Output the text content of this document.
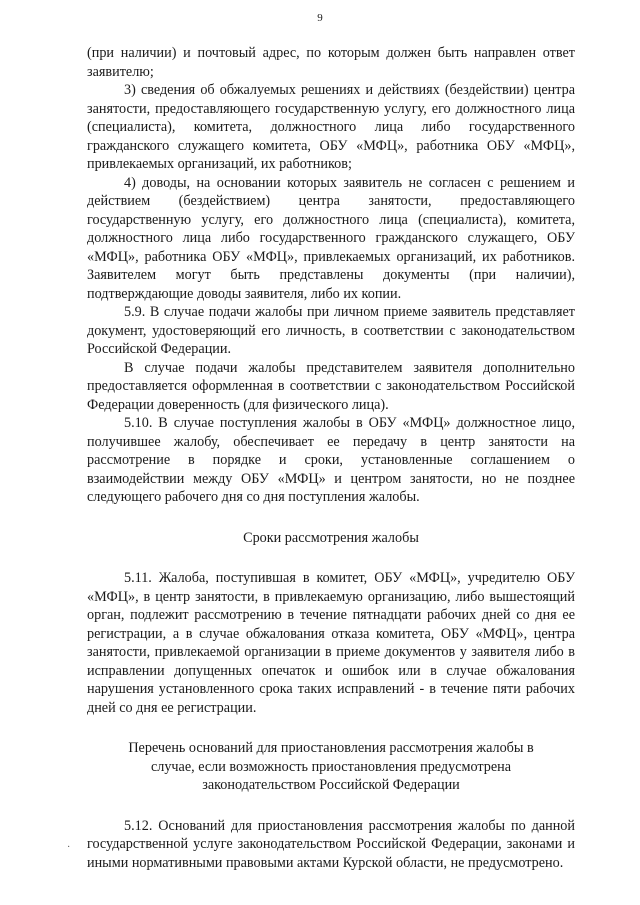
9

(при наличии) и почтовый адрес, по которым должен быть направлен ответ заявителю;

3) сведения об обжалуемых решениях и действиях (бездействии) центра занятости, предоставляющего государственную услугу, его должностного лица (специалиста), комитета, должностного лица либо государственного гражданского служащего комитета, ОБУ «МФЦ», работника ОБУ «МФЦ», привлекаемых организаций, их работников;

4) доводы, на основании которых заявитель не согласен с решением и действием (бездействием) центра занятости, предоставляющего государственную услугу, его должностного лица (специалиста), комитета, должностного лица либо государственного гражданского служащего, ОБУ «МФЦ», работника ОБУ «МФЦ», привлекаемых организаций, их работников. Заявителем могут быть представлены документы (при наличии), подтверждающие доводы заявителя, либо их копии.

5.9. В случае подачи жалобы при личном приеме заявитель представляет документ, удостоверяющий его личность, в соответствии с законодательством Российской Федерации.

В случае подачи жалобы представителем заявителя дополнительно предоставляется оформленная в соответствии с законодательством Российской Федерации доверенность (для физического лица).

5.10. В случае поступления жалобы в ОБУ «МФЦ» должностное лицо, получившее жалобу, обеспечивает ее передачу в центр занятости на рассмотрение в порядке и сроки, установленные соглашением о взаимодействии между ОБУ «МФЦ» и центром занятости, но не позднее следующего рабочего дня со дня поступления жалобы.

Сроки рассмотрения жалобы

5.11. Жалоба, поступившая в комитет, ОБУ «МФЦ», учредителю ОБУ «МФЦ», в центр занятости, в привлекаемую организацию, либо вышестоящий орган, подлежит рассмотрению в течение пятнадцати рабочих дней со дня ее регистрации, а в случае обжалования отказа комитета, ОБУ «МФЦ», центра занятости, привлекаемой организации в приеме документов у заявителя либо в исправлении допущенных опечаток и ошибок или в случае обжалования нарушения установленного срока таких исправлений - в течение пяти рабочих дней со дня ее регистрации.

Перечень оснований для приостановления рассмотрения жалобы в

случае, если возможность приостановления предусмотрена

законодательством Российской Федерации

5.12. Оснований для приостановления рассмотрения жалобы по данной государственной услуге законодательством Российской Федерации, законами и иными нормативными правовыми актами Курской области, не предусмотрено.

·
